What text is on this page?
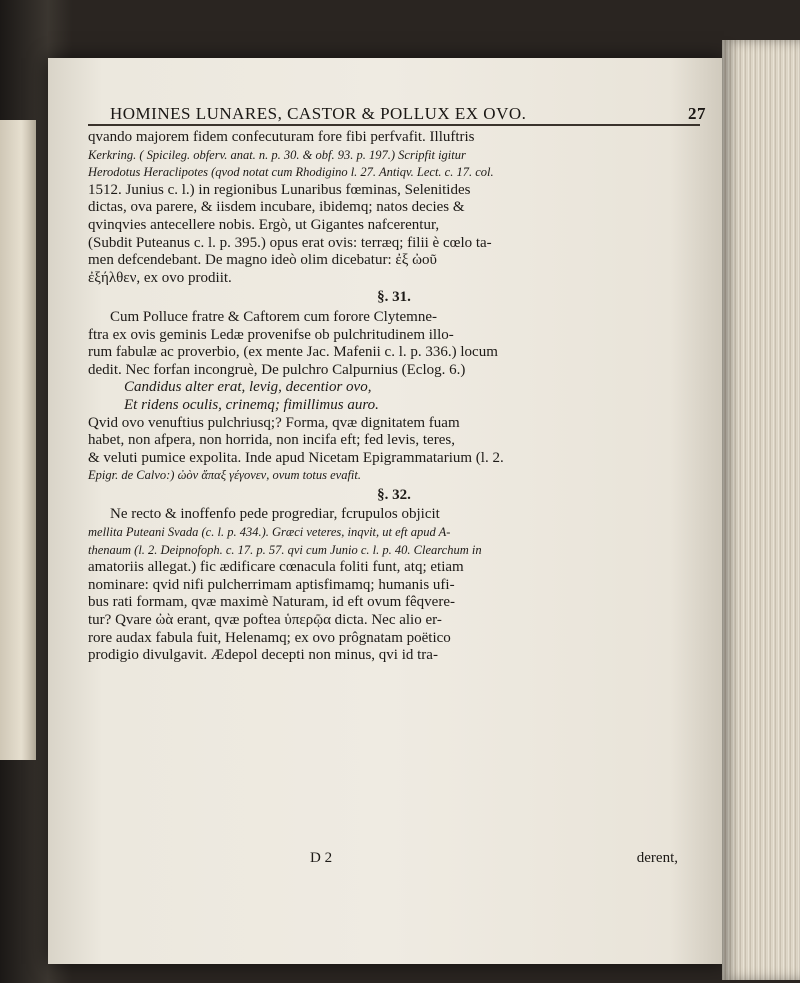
HOMINES LUNARES, CASTOR & POLLUX EX OVO.	27
qvando majorem fidem confecuturam fore fibi perfvafit. Illuftris
Kerkring. ( Spicileg. obferv. anat. n. p. 30. & obf. 93. p. 197.) Scripfit igitur
Herodotus Heraclipotes (qvod notat cum Rhodigino l. 27. Antiqv. Lect. c. 17. col.
1512. Junius c. l.) in regionibus Lunaribus fœminas, Selenitides
dictas, ova parere, & iisdem incubare, ibidemq; natos decies &
qvinqvies antecellere nobis. Ergò, ut Gigantes nafcerentur,
(Subdit Puteanus c. l. p. 395.) opus erat ovis: terræq; filii è cœlo ta-
men defcendebant. De magno ideò olim dicebatur: ἐξ ὠοῦ
ἐξήλθεν, ex ovo prodiit.
§. 31.
Cum Polluce fratre & Caftorem cum forore Clytemne-
ftra ex ovis geminis Ledæ provenifse ob pulchritudinem illo-
rum fabulæ ac proverbio, (ex mente Jac. Mafenii c. l. p. 336.) locum
dedit. Nec forfan incongruè, De pulchro Calpurnius (Eclog. 6.)
Candidus alter erat, levig, decentior ovo,
Et ridens oculis, crinemq; fimillimus auro.
Qvid ovo venuftius pulchriusq;? Forma, qvæ dignitatem fuam
habet, non afpera, non horrida, non incifa eft; fed levis, teres,
& veluti pumice expolita. Inde apud Nicetam Epigrammatarium (l. 2.
Epigr. de Calvo:) ὠὸν ἅπαξ γέγονεν, ovum totus evafit.
§. 32.
Ne recto & inoffenfo pede progrediar, fcrupulos objicit
mellita Puteani Svada (c. l. p. 434.). Græci veteres, inqvit, ut eft apud A-
thenaum (l. 2. Deipnofoph. c. 17. p. 57. qvi cum Junio c. l. p. 40. Clearchum in
amatoriis allegat.) fic ædificare cœnacula foliti funt, atq; etiam
nominare: qvid nifi pulcherrimam aptisfimamq; humanis ufi-
bus rati formam, qvæ maximè Naturam, id eft ovum fêqvere-
tur? Qvare ὠὰ erant, qvæ poftea ὑπερῷα dicta. Nec alio er-
rore audax fabula fuit, Helenamq; ex ovo prôgnatam poëtico
prodigio divulgavit. Ædepol decepti non minus, qvi id tra-
D 2	derent,
